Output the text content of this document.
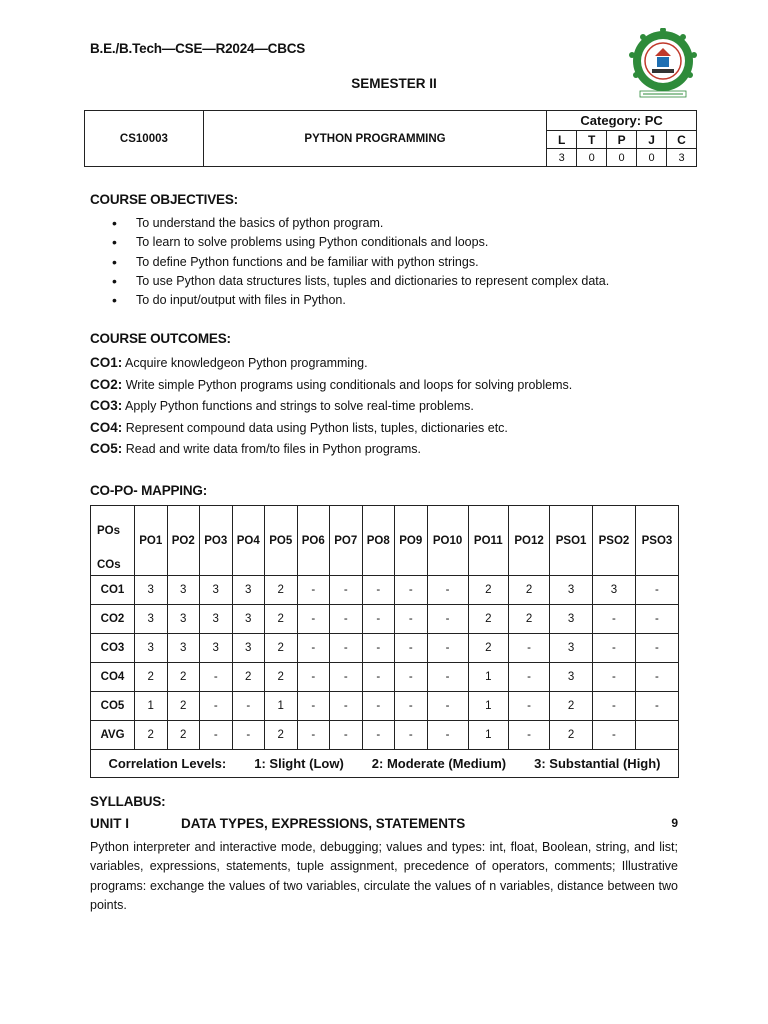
B.E./B.Tech—CSE—R2024—CBCS
SEMESTER II
CS10003	PYTHON PROGRAMMING	Category: PC				
		L	T	P	J	C
		3	0	0	0	3
COURSE OBJECTIVES:
• To understand the basics of python program.
• To learn to solve problems using Python conditionals and loops.
• To define Python functions and be familiar with python strings.
• To use Python data structures lists, tuples and dictionaries to represent complex data.
• To do input/output with files in Python.
COURSE OUTCOMES:
CO1: Acquire knowledgeon Python programming.
CO2: Write simple Python programs using conditionals and loops for solving problems.
CO3: Apply Python functions and strings to solve real-time problems.
CO4: Represent compound data using Python lists, tuples, dictionaries etc.
CO5: Read and write data from/to files in Python programs.
CO-PO- MAPPING:
POs
COs	PO1	PO2	PO3	PO4	PO5	PO6	PO7	PO8	PO9	PO10	PO11	PO12	PSO1	PSO2	PSO3
CO1	3	3	3	3	2	-	-	-	-	-	2	2	3	3	-
CO2	3	3	3	3	2	-	-	-	-	-	2	2	3	-	-
CO3	3	3	3	3	2	-	-	-	-	-	2	-	3	-	-
CO4	2	2	-	2	2	-	-	-	-	-	1	-	3	-	-
CO5	1	2	-	-	1	-	-	-	-	-	1	-	2	-	-
AVG	2	2	-	-	2	-	-	-	-	-	1	-	2	-	
Correlation Levels: 1: Slight (Low) 2: Moderate (Medium) 3: Substantial (High)															
SYLLABUS:
UNIT I	DATA TYPES, EXPRESSIONS, STATEMENTS	9
Python interpreter and interactive mode, debugging; values and types: int, float, Boolean, string, and list; variables, expressions, statements, tuple assignment, precedence of operators, comments; Illustrative programs: exchange the values of two variables, circulate the values of n variables, distance between two points.
